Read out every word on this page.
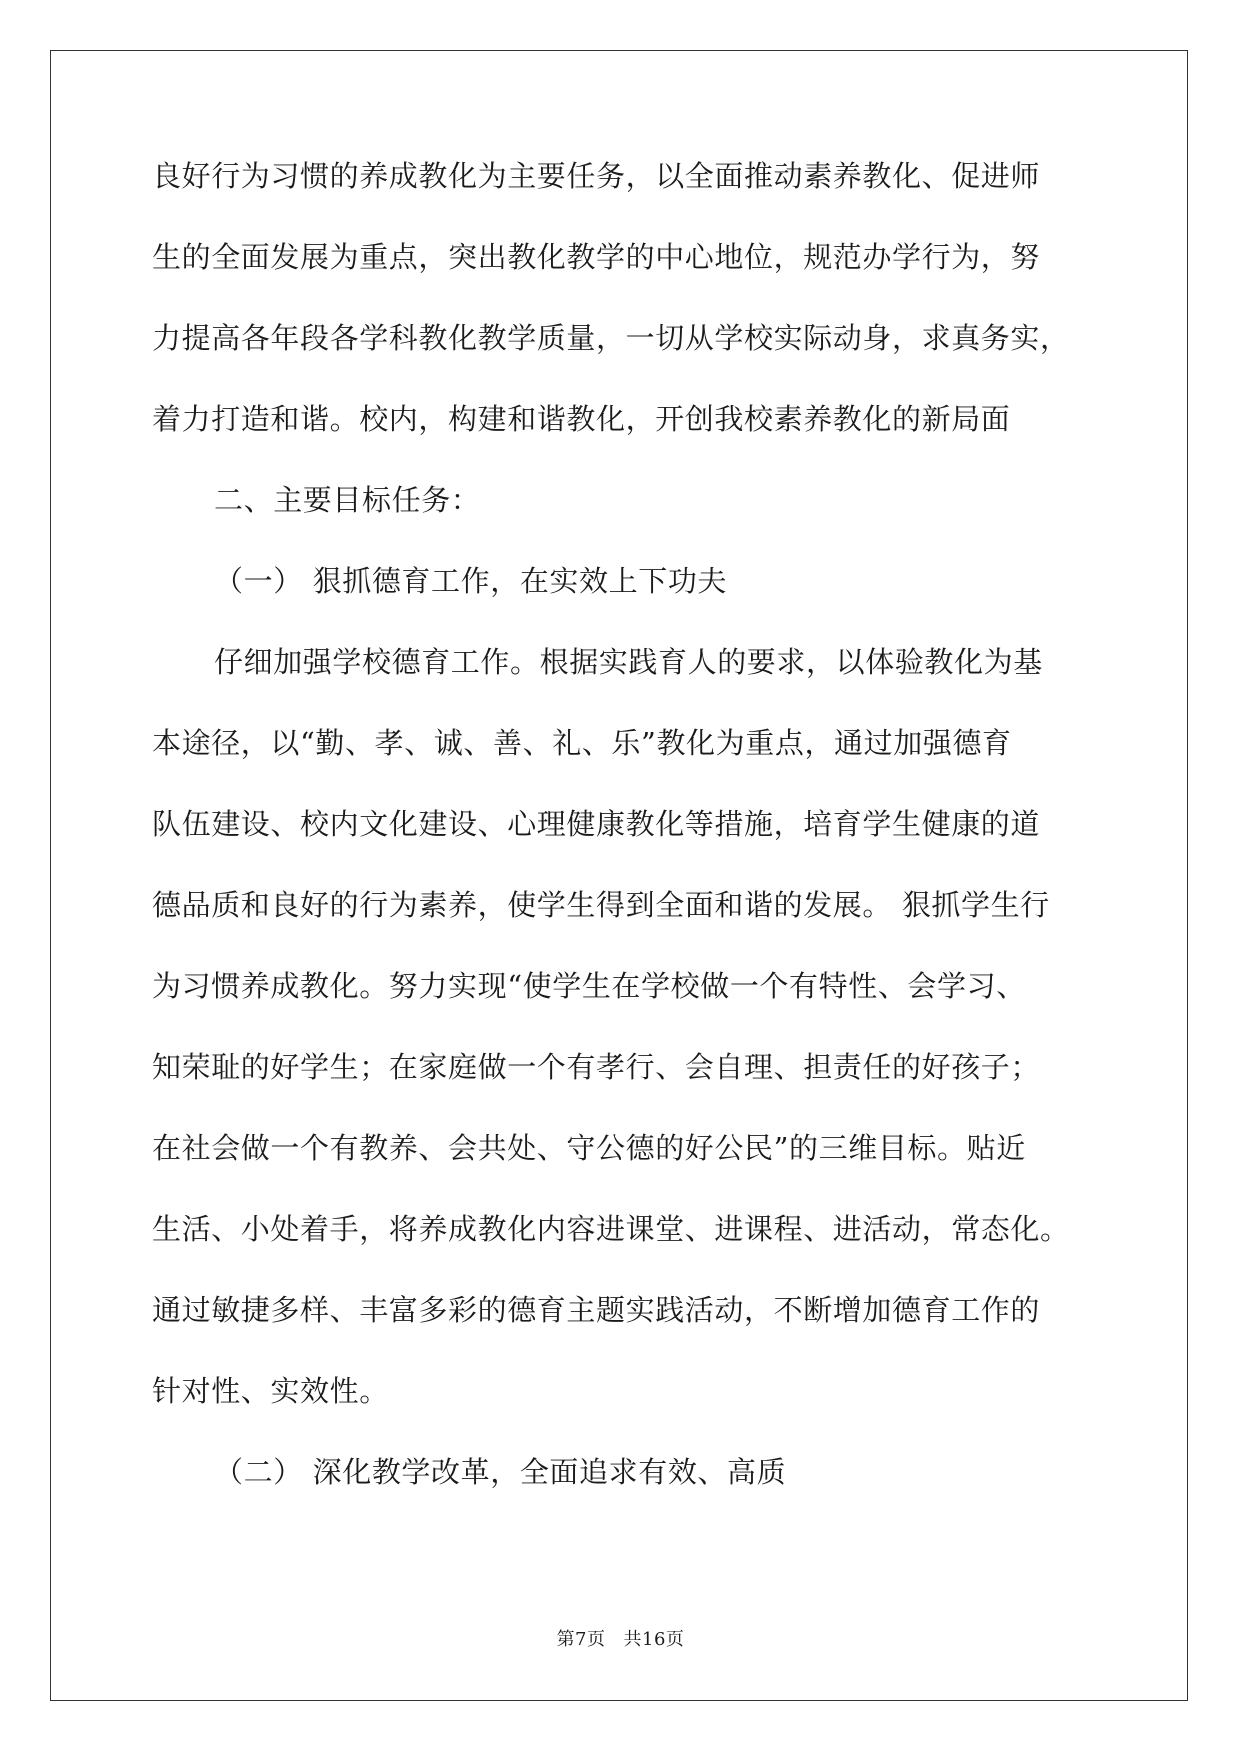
良好行为习惯的养成教化为主要任务，以全面推动素养教化、促进师
生的全面发展为重点，突出教化教学的中心地位，规范办学行为，努
力提高各年段各学科教化教学质量，一切从学校实际动身，求真务实，
着力打造和谐。校内，构建和谐教化，开创我校素养教化的新局面
二、主要目标任务：
（一） 狠抓德育工作，在实效上下功夫
仔细加强学校德育工作。根据实践育人的要求，以体验教化为基
本途径，以“勤、孝、诚、善、礼、乐”教化为重点，通过加强德育
队伍建设、校内文化建设、心理健康教化等措施，培育学生健康的道
德品质和良好的行为素养，使学生得到全面和谐的发展。 狠抓学生行
为习惯养成教化。努力实现“使学生在学校做一个有特性、会学习、
知荣耻的好学生；在家庭做一个有孝行、会自理、担责任的好孩子；
在社会做一个有教养、会共处、守公德的好公民”的三维目标。贴近
生活、小处着手，将养成教化内容进课堂、进课程、进活动，常态化。
通过敏捷多样、丰富多彩的德育主题实践活动，不断增加德育工作的
针对性、实效性。
（二） 深化教学改革，全面追求有效、高质
第7页 共16页
